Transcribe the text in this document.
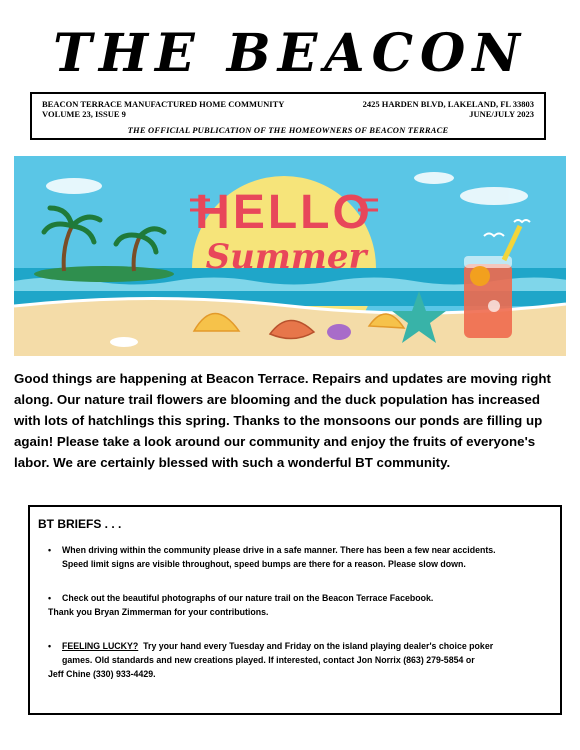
THE BEACON
BEACON TERRACE MANUFACTURED HOME COMMUNITY
VOLUME 23, ISSUE 9
2425 HARDEN BLVD, LAKELAND, FL 33803
JUNE/JULY 2023
THE OFFICIAL PUBLICATION OF THE HOMEOWNERS OF BEACON TERRACE
HELLO
Summer
Good things are happening at Beacon Terrace. Repairs and updates are moving right
along. Our nature trail flowers are blooming and the duck population has increased
with lots of hatchlings this spring. Thanks to the monsoons our ponds are filling up
again! Please take a look around our community and enjoy the fruits of everyone's
labor. We are certainly blessed with such a wonderful BT community.
BT BRIEFS . . .
• When driving within the community please drive in a safe manner. There has been a few near accidents.
Speed limit signs are visible throughout, speed bumps are there for a reason. Please slow down.
• Check out the beautiful photographs of our nature trail on the Beacon Terrace Facebook.
Thank you Bryan Zimmerman for your contributions.
• FEELING LUCKY?  Try your hand every Tuesday and Friday on the island playing dealer's choice poker
games. Old standards and new creations played. If interested, contact Jon Norrix (863) 279-5854 or
Jeff Chine (330) 933-4429.
